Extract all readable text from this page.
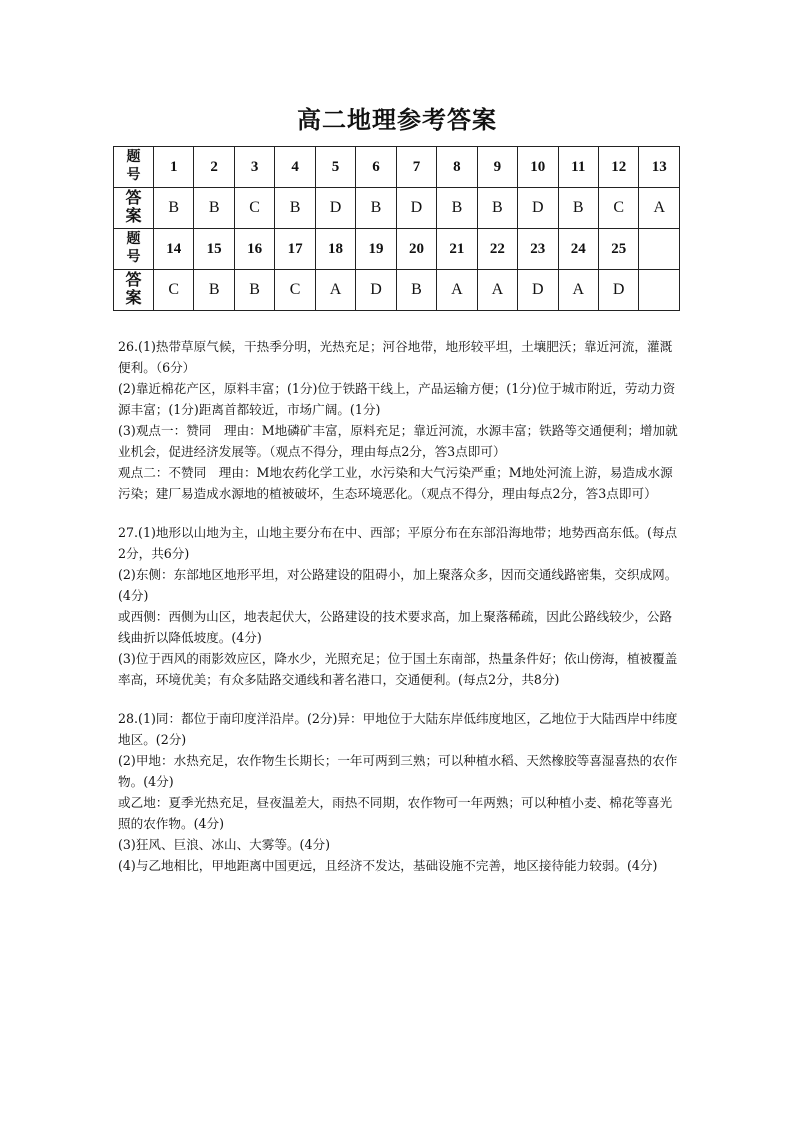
高二地理参考答案
题
号	1	2	3	4	5	6	7	8	9	10	11	12	13
答
案	B	B	C	B	D	B	D	B	B	D	B	C	A
题
号	14	15	16	17	18	19	20	21	22	23	24	25	
答
案	C	B	B	C	A	D	B	A	A	D	A	D	

26.(1)热带草原气候，干热季分明，光热充足；河谷地带，地形较平坦，土壤肥沃；靠近河流，灌溉便利。（6分）

(2)靠近棉花产区，原料丰富；(1分)位于铁路干线上，产品运输方便；(1分)位于城市附近，劳动力资源丰富；(1分)距离首都较近，市场广阔。(1分)

(3)观点一：赞同　理由：M地磷矿丰富，原料充足；靠近河流，水源丰富；铁路等交通便利；增加就业机会，促进经济发展等。（观点不得分，理由每点2分，答3点即可）

观点二：不赞同　理由：M地农药化学工业，水污染和大气污染严重；M地处河流上游，易造成水源污染；建厂易造成水源地的植被破坏，生态环境恶化。（观点不得分，理由每点2分，答3点即可）

27.(1)地形以山地为主，山地主要分布在中、西部；平原分布在东部沿海地带；地势西高东低。(每点2分，共6分)

(2)东侧：东部地区地形平坦，对公路建设的阻碍小，加上聚落众多，因而交通线路密集，交织成网。(4分)

或西侧：西侧为山区，地表起伏大，公路建设的技术要求高，加上聚落稀疏，因此公路线较少，公路线曲折以降低坡度。(4分)

(3)位于西风的雨影效应区，降水少，光照充足；位于国土东南部，热量条件好；依山傍海，植被覆盖率高，环境优美；有众多陆路交通线和著名港口，交通便利。(每点2分，共8分)

28.(1)同：都位于南印度洋沿岸。(2分)异：甲地位于大陆东岸低纬度地区，乙地位于大陆西岸中纬度地区。(2分)

(2)甲地：水热充足，农作物生长期长；一年可两到三熟；可以种植水稻、天然橡胶等喜湿喜热的农作物。(4分)

或乙地：夏季光热充足，昼夜温差大，雨热不同期，农作物可一年两熟；可以种植小麦、棉花等喜光照的农作物。(4分)

(3)狂风、巨浪、冰山、大雾等。(4分)

(4)与乙地相比，甲地距离中国更远，且经济不发达，基础设施不完善，地区接待能力较弱。(4分)
